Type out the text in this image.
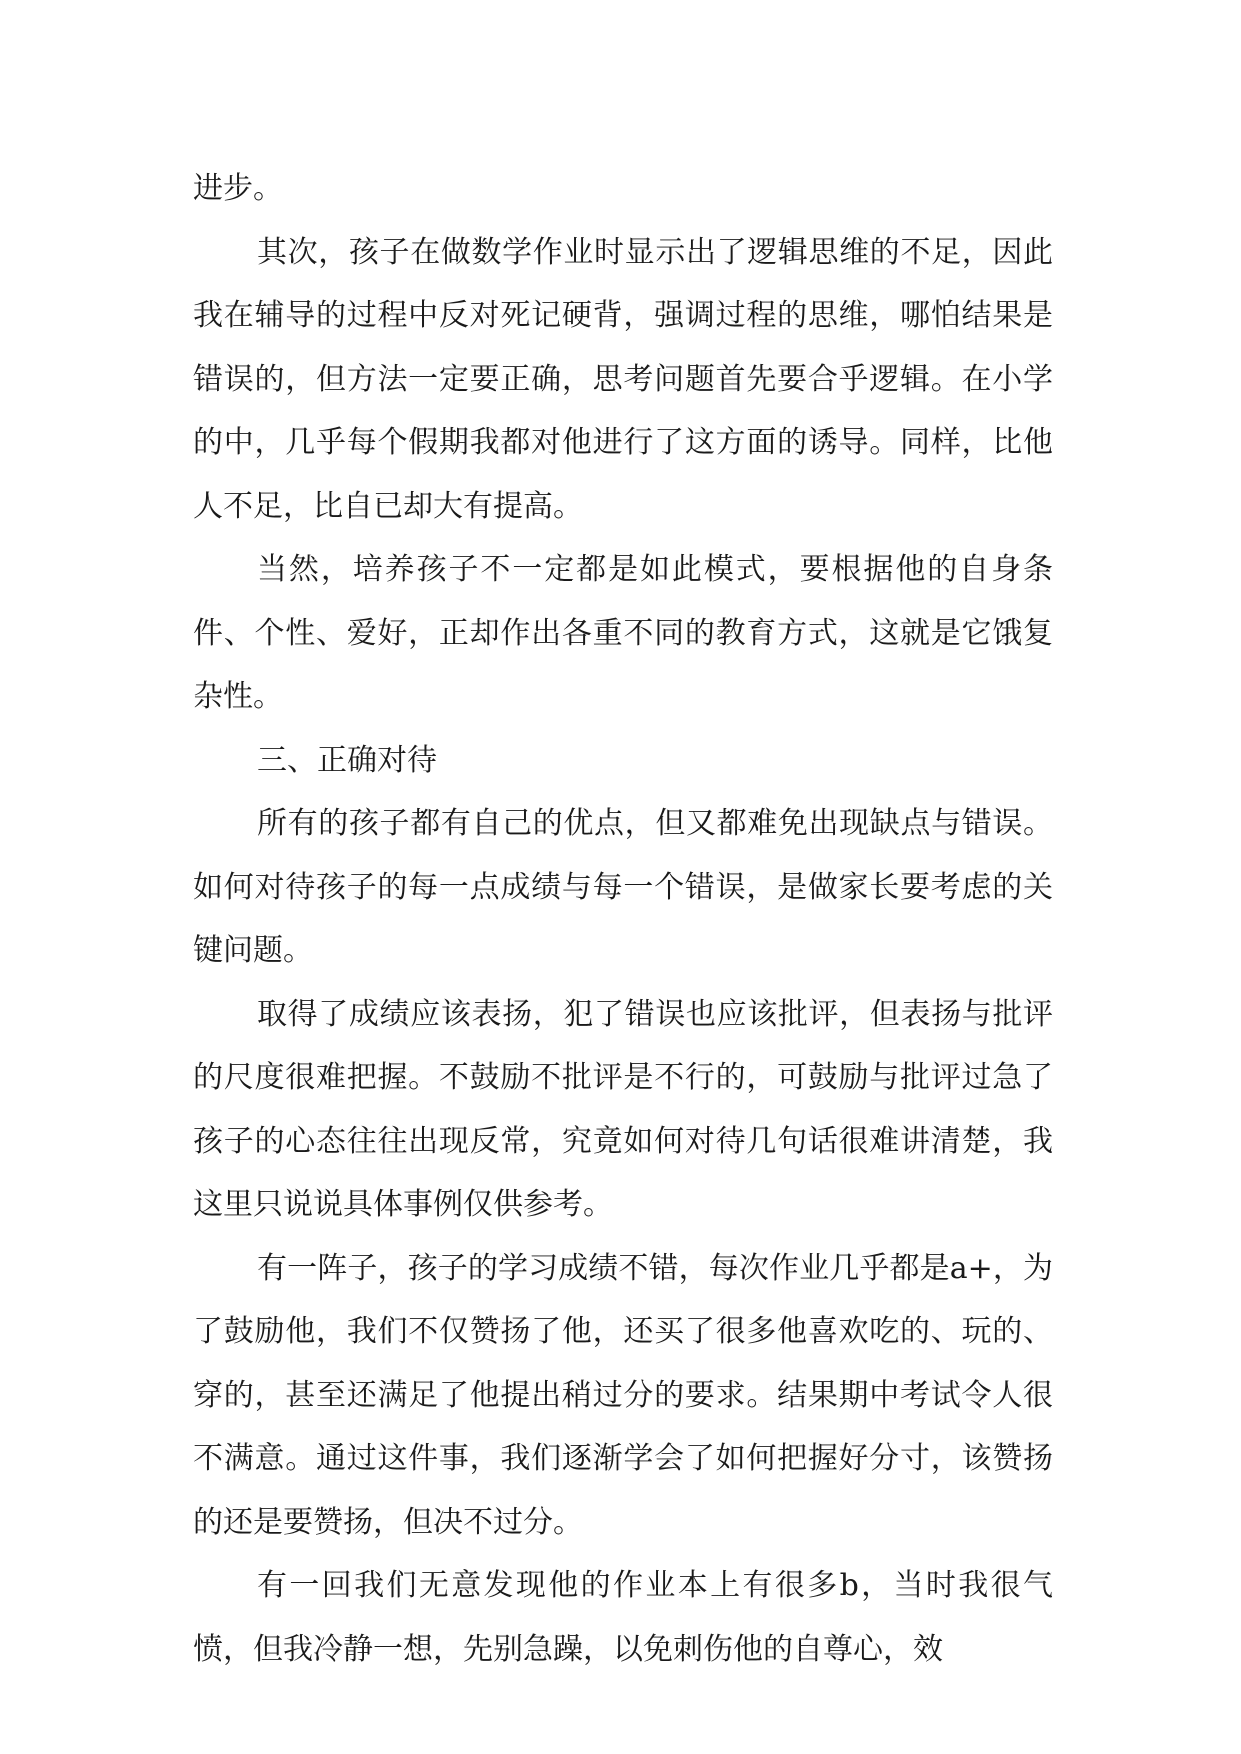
进步。

其次，孩子在做数学作业时显示出了逻辑思维的不足，因此我在辅导的过程中反对死记硬背，强调过程的思维，哪怕结果是错误的，但方法一定要正确，思考问题首先要合乎逻辑。在小学的中，几乎每个假期我都对他进行了这方面的诱导。同样，比他人不足，比自已却大有提高。

当然，培养孩子不一定都是如此模式，要根据他的自身条件、个性、爱好，正却作出各重不同的教育方式，这就是它饿复杂性。

三、正确对待

所有的孩子都有自己的优点，但又都难免出现缺点与错误。如何对待孩子的每一点成绩与每一个错误，是做家长要考虑的关键问题。

取得了成绩应该表扬，犯了错误也应该批评，但表扬与批评的尺度很难把握。不鼓励不批评是不行的，可鼓励与批评过急了孩子的心态往往出现反常，究竟如何对待几句话很难讲清楚，我这里只说说具体事例仅供参考。

有一阵子，孩子的学习成绩不错，每次作业几乎都是a+，为了鼓励他，我们不仅赞扬了他，还买了很多他喜欢吃的、玩的、穿的，甚至还满足了他提出稍过分的要求。结果期中考试令人很不满意。通过这件事，我们逐渐学会了如何把握好分寸，该赞扬的还是要赞扬，但决不过分。

有一回我们无意发现他的作业本上有很多b，当时我很气愤，但我冷静一想，先别急躁，以免刺伤他的自尊心，效
